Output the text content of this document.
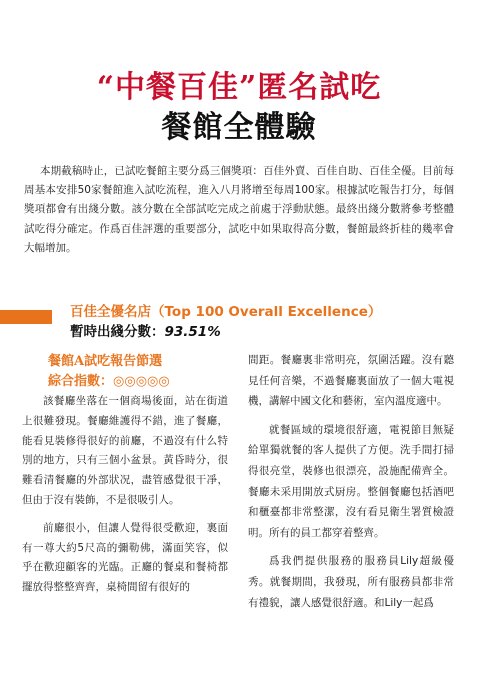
“中餐百佳”匿名試吃
餐館全體驗

本期截稿時止，已試吃餐館主要分爲三個獎項：百佳外賣、百佳自助、百佳全優。目前每周基本安排50家餐館進入試吃流程，進入八月將增至每周100家。根據試吃報告打分，每個獎項都會有出綫分數。該分數在全部試吃完成之前處于浮動狀態。最終出綫分數將參考整體試吃得分確定。作爲百佳評選的重要部分，試吃中如果取得高分數，餐館最終折桂的幾率會大幅增加。

百佳全優名店（Top 100 Overall Excellence）
暫時出綫分數：93.51%

餐館A試吃報告節選

綜合指數：◎◎◎◎◎

該餐廳坐落在一個商場後面，站在街道上很難發現。餐廳維護得不錯，進了餐廳，能看見裝修得很好的前廳，不過沒有什么特別的地方，只有三個小盆景。黃昏時分，很難看清餐廳的外部狀况，盡管感覺很干凈，但由于沒有裝飾，不是很吸引人。

前廳很小，但讓人覺得很受歡迎，裏面有一尊大約5尺高的彌勒佛，滿面笑容，似乎在歡迎顧客的光臨。正廳的餐桌和餐椅都擺放得整整齊齊，桌椅間留有很好的

間距。餐廳裏非常明亮，氛圍活躍。沒有聽見任何音樂，不過餐廳裏面放了一個大電視機，講解中國文化和藝術，室內溫度適中。

就餐區域的環境很舒適，電視節目無疑給單獨就餐的客人提供了方便。洗手間打掃得很亮堂，裝修也很漂亮，設施配備齊全。餐廳未采用開放式厨房。整個餐廳包括酒吧和櫃臺都非常整潔，沒有看見衛生署質檢證明。所有的員工都穿着整齊。

爲我們提供服務的服務員Lily超級優秀。就餐期間，我發現，所有服務員都非常有禮貌，讓人感覺很舒適。和Lily一起爲
